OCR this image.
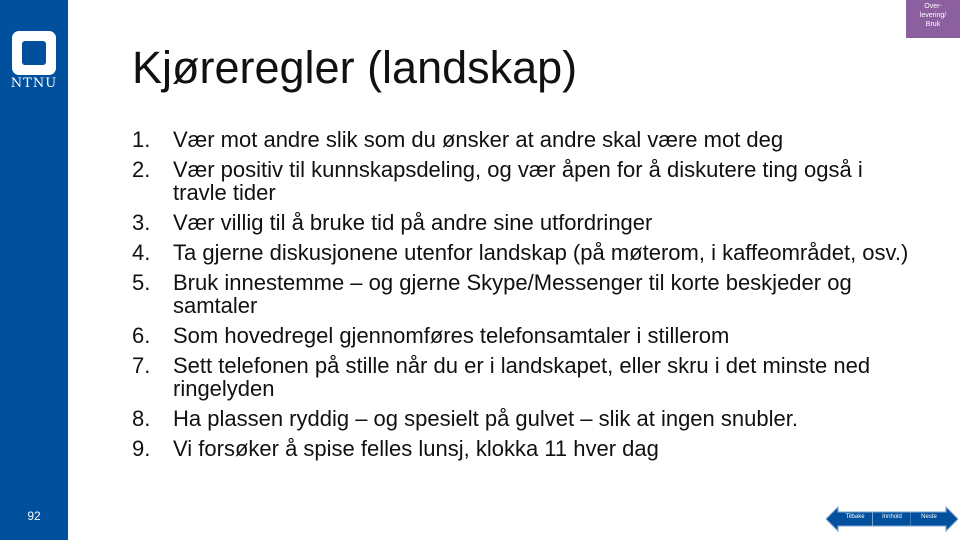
NTNU
92
Over-
levering/
Bruk
Kjøreregler (landskap)
1. Vær mot andre slik som du ønsker at andre skal være mot deg
2. Vær positiv til kunnskapsdeling, og vær åpen for å diskutere ting også i travle tider
3. Vær villig til å bruke tid på andre sine utfordringer
4. Ta gjerne diskusjonene utenfor landskap (på møterom, i kaffeområdet, osv.)
5. Bruk innestemme – og gjerne Skype/Messenger til korte beskjeder og samtaler
6. Som hovedregel gjennomføres telefonsamtaler i stillerom
7. Sett telefonen på stille når du er i landskapet, eller skru i det minste ned ringelyden
8. Ha plassen ryddig – og spesielt på gulvet – slik at ingen snubler.
9. Vi forsøker å spise felles lunsj, klokka 11 hver dag
Tilbake	Innhold	Neste
